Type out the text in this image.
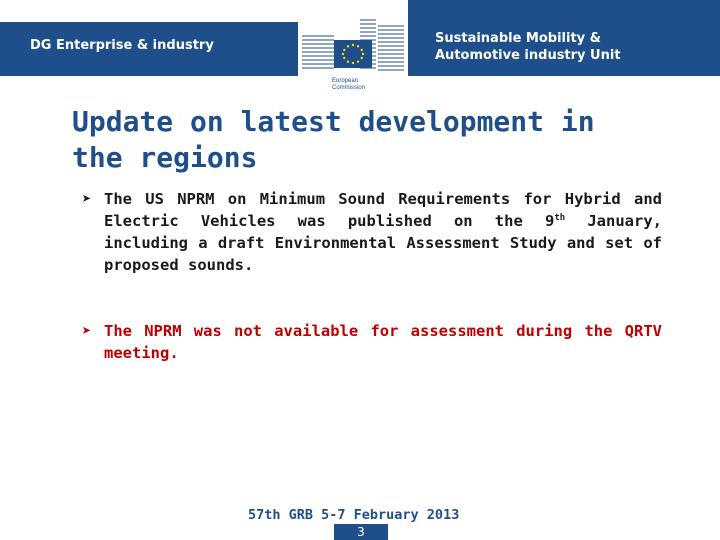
DG Enterprise & industry	Sustainable Mobility &
Automotive industry Unit
European
Commission
Update on latest development in
the regions
➤ The US NPRM on Minimum Sound Requirements for Hybrid and Electric Vehicles was published on the 9th January, including a draft Environmental Assessment Study and set of proposed sounds.
➤ The NPRM was not available for assessment during the QRTV meeting.
57th GRB 5-7 February 2013
3
